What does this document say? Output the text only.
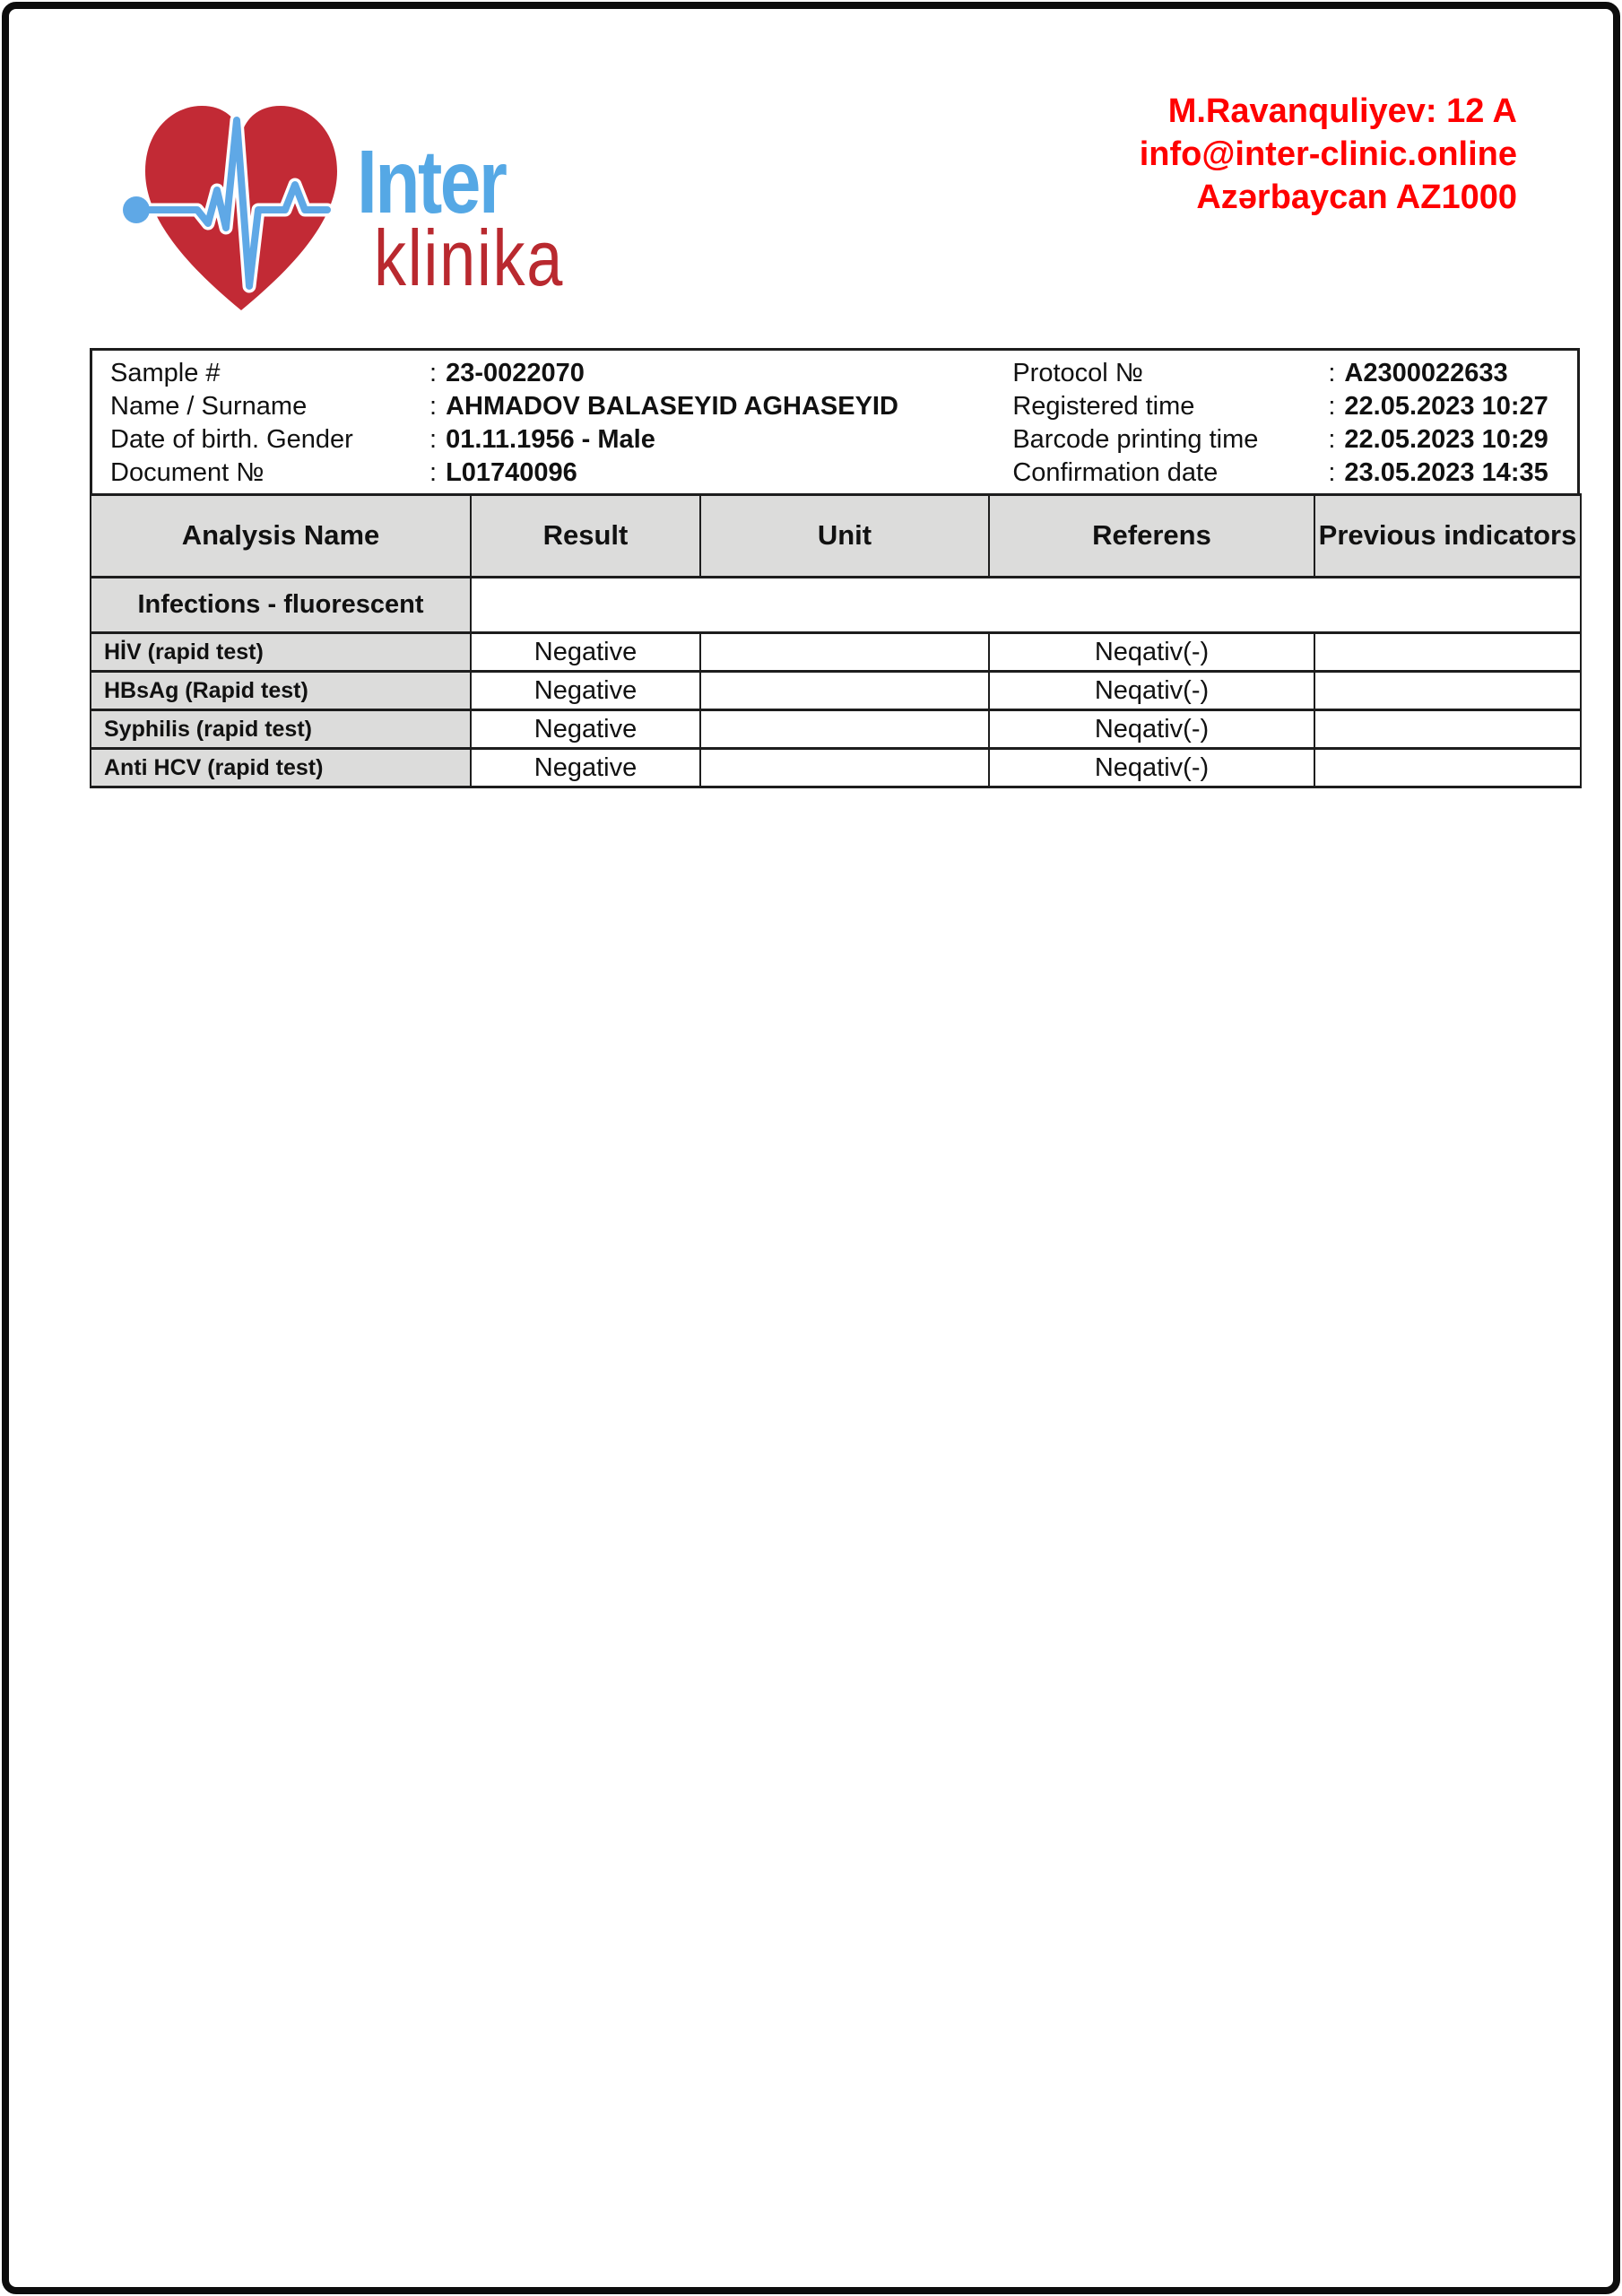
Inter
klinika
M.Ravanquliyev: 12 A
info@inter-clinic.online
Azərbaycan AZ1000
Sample #	: 23-0022070
Name / Surname	: AHMADOV BALASEYID AGHASEYID
Date of birth. Gender	: 01.11.1956 - Male
Document №	: L01740096
Protocol №	: A2300022633
Registered time	: 22.05.2023 10:27
Barcode printing time	: 22.05.2023 10:29
Confirmation date	: 23.05.2023 14:35
Analysis Name	Result	Unit	Referens	Previous indicators
Infections - fluorescent				
HİV (rapid test)	Negative		Neqativ(-)	
HBsAg (Rapid test)	Negative		Neqativ(-)	
Syphilis (rapid test)	Negative		Neqativ(-)	
Anti HCV (rapid test)	Negative		Neqativ(-)	
